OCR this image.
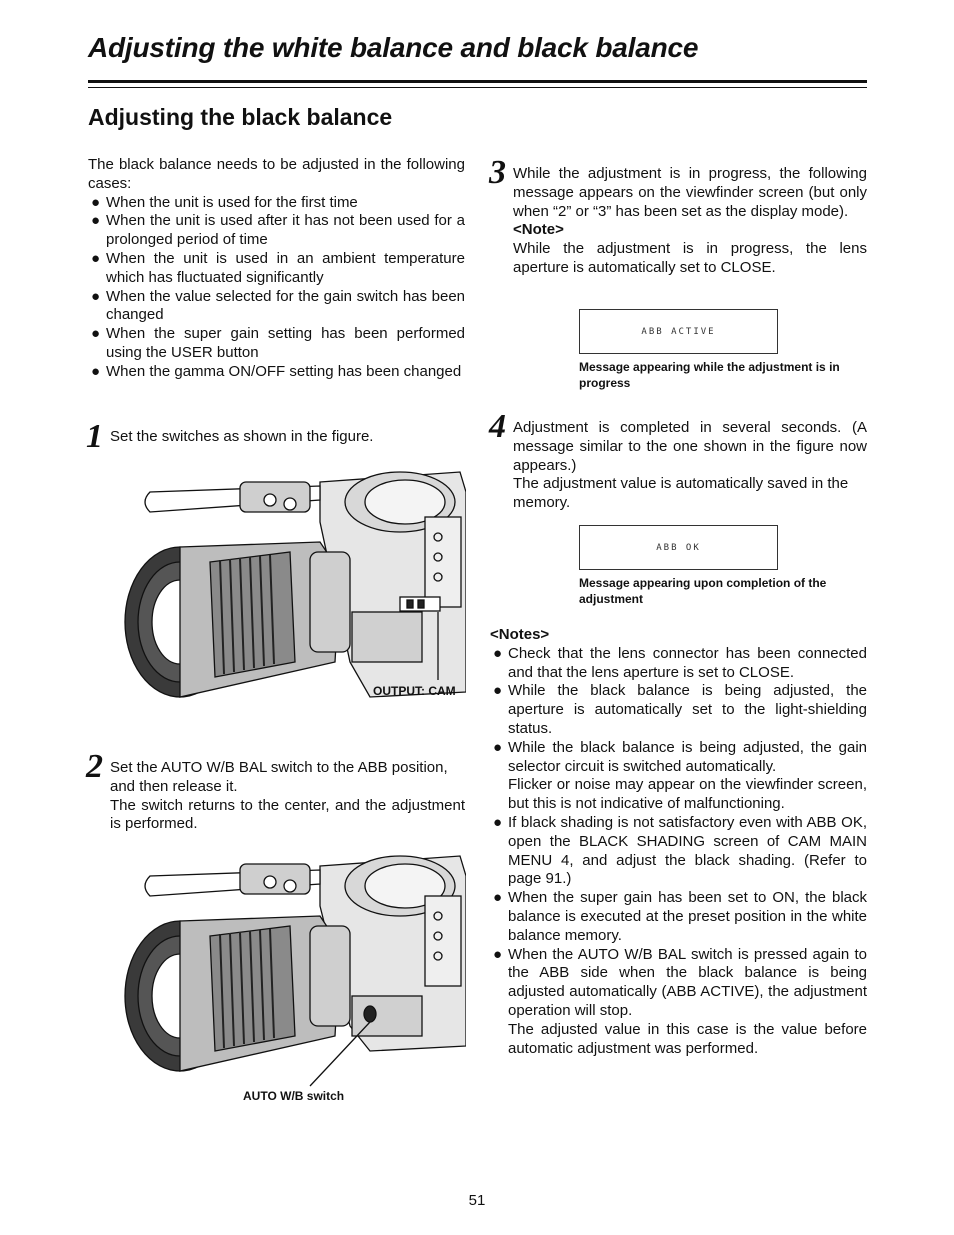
Adjusting the white balance and black balance
Adjusting the black balance
The black balance needs to be adjusted in the following cases:
● When the unit is used for the first time
● When the unit is used after it has not been used for a prolonged period of time
● When the unit is used in an ambient temperature which has fluctuated significantly
● When the value selected for the gain switch has been changed
● When the super gain setting has been performed using the USER button
● When the gamma ON/OFF setting has been changed
1 Set the switches as shown in the figure.
OUTPUT: CAM
2 Set the AUTO W/B BAL switch to the ABB position, and then release it.
The switch returns to the center, and the adjustment is performed.
AUTO W/B switch
3 While the adjustment is in progress, the following message appears on the viewfinder screen (but only when “2” or “3” has been set as the display mode).
<Note>
While the adjustment is in progress, the lens aperture is automatically set to CLOSE.
ABB ACTIVE
Message appearing while the adjustment is in progress
4 Adjustment is completed in several seconds. (A message similar to the one shown in the figure now appears.)
The adjustment value is automatically saved in the memory.
ABB OK
Message appearing upon completion of the adjustment
<Notes>
● Check that the lens connector has been connected and that the lens aperture is set to CLOSE.
● While the black balance is being adjusted, the aperture is automatically set to the light-shielding status.
● While the black balance is being adjusted, the gain selector circuit is switched automatically.
Flicker or noise may appear on the viewfinder screen, but this is not indicative of malfunctioning.
● If black shading is not satisfactory even with ABB OK, open the BLACK SHADING screen of CAM MAIN MENU 4, and adjust the black shading. (Refer to page 91.)
● When the super gain has been set to ON, the black balance is executed at the preset position in the white balance memory.
● When the AUTO W/B BAL switch is pressed again to the ABB side when the black balance is being adjusted automatically (ABB ACTIVE), the adjustment operation will stop.
The adjusted value in this case is the value before automatic adjustment was performed.
51
